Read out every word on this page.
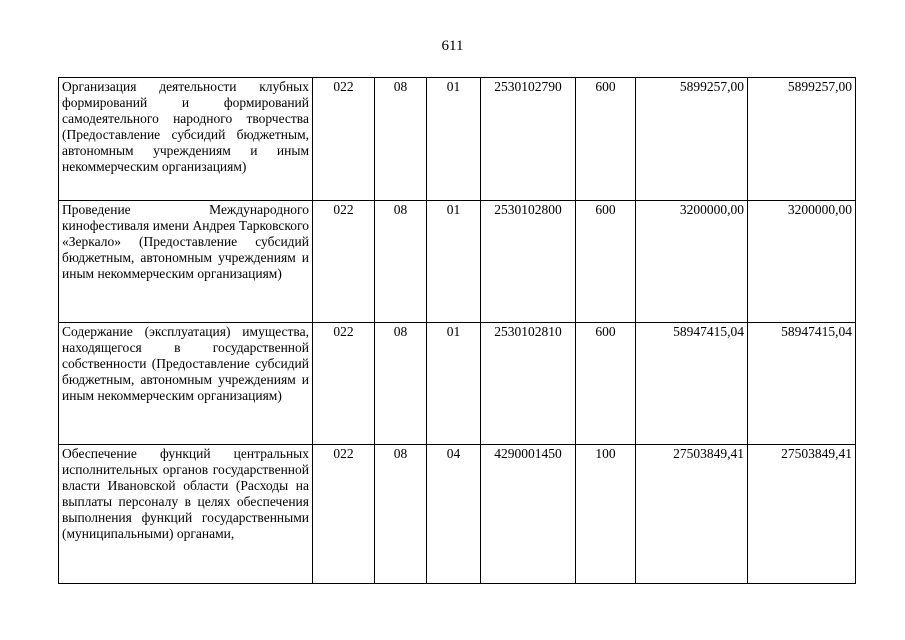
611
Организация деятельности клубных формирований и формирований самодеятельного народного творчества (Предоставление субсидий бюджетным, автономным учреждениям и иным некоммерческим организациям)	022	08	01	2530102790	600	5899257,00	5899257,00
Проведение Международного кинофестиваля имени Андрея Тарковского «Зеркало» (Предоставление субсидий бюджетным, автономным учреждениям и иным некоммерческим организациям)	022	08	01	2530102800	600	3200000,00	3200000,00
Содержание (эксплуатация) имущества, находящегося в государственной собственности (Предоставление субсидий бюджетным, автономным учреждениям и иным некоммерческим организациям)	022	08	01	2530102810	600	58947415,04	58947415,04
Обеспечение функций центральных исполнительных органов государственной власти Ивановской области (Расходы на выплаты персоналу в целях обеспечения выполнения функций государственными (муниципальными) органами,	022	08	04	4290001450	100	27503849,41	27503849,41
